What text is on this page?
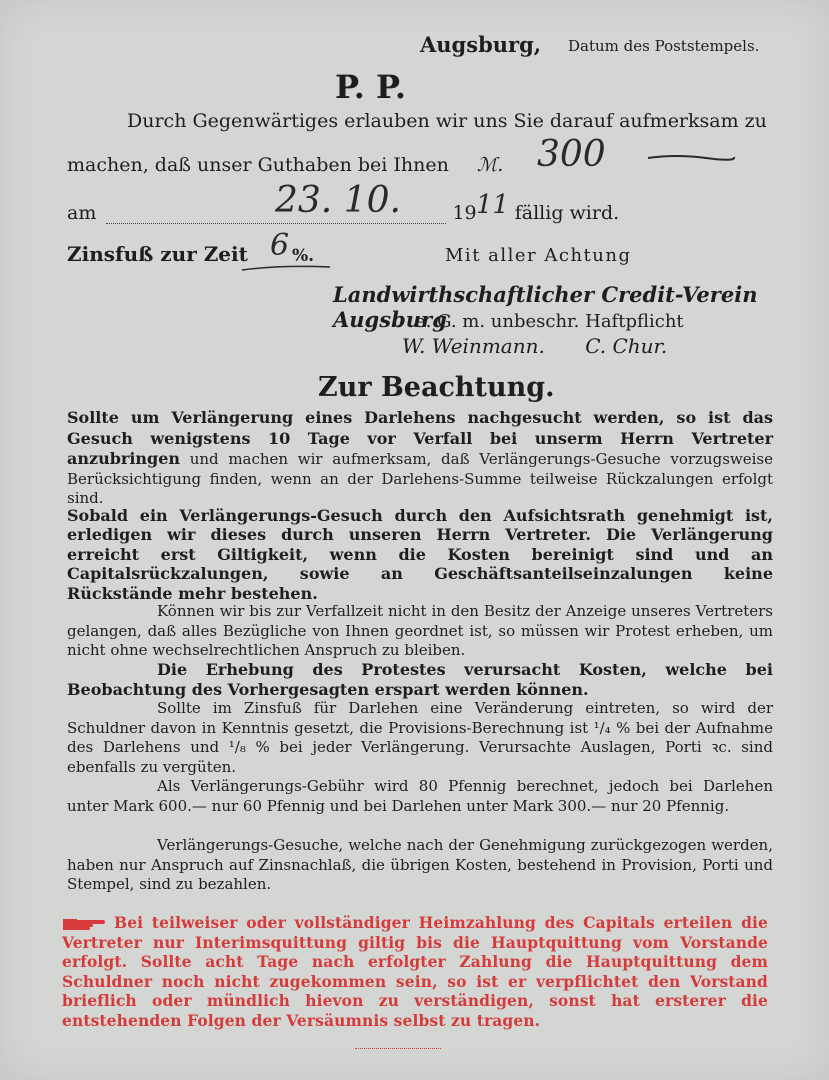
Augsburg, Datum des Poststempels.
P. P.
Durch Gegenwärtiges erlauben wir uns Sie darauf aufmerksam zu
machen, daß unser Guthaben bei Ihnen ℳ. 300
am	19 fällig wird.
23. 10.	11
Zinsfuß zur Zeit 6 %.	Mit aller Achtung
Landwirthschaftlicher Credit-Verein Augsburg
e. G. m. unbeschr. Haftpflicht
W. Weinmann. C. Chur.
Zur Beachtung.
Sollte um Verlängerung eines Darlehens nachgesucht werden, so ist das Gesuch wenigstens 10 Tage vor Verfall bei unserm Herrn Vertreter anzubringen und machen wir aufmerksam, daß Verlängerungs-Gesuche vorzugsweise Berücksichtigung finden, wenn an der Darlehens-Summe teilweise Rückzalungen erfolgt sind.
Sobald ein Verlängerungs-Gesuch durch den Aufsichtsrath genehmigt ist, erledigen wir dieses durch unseren Herrn Vertreter. Die Verlängerung erreicht erst Giltigkeit, wenn die Kosten bereinigt sind und an Capitalsrückzalungen, sowie an Geschäftsanteilseinzalungen keine Rückstände mehr bestehen.
Können wir bis zur Verfallzeit nicht in den Besitz der Anzeige unseres Vertreters gelangen, daß alles Bezügliche von Ihnen geordnet ist, so müssen wir Protest erheben, um nicht ohne wechselrechtlichen Anspruch zu bleiben.
Die Erhebung des Protestes verursacht Kosten, welche bei Beobachtung des Vorhergesagten erspart werden können.
Sollte im Zinsfuß für Darlehen eine Veränderung eintreten, so wird der Schuldner davon in Kenntnis gesetzt, die Provisions-Berechnung ist ¹/₄ % bei der Aufnahme des Darlehens und ¹/₈ % bei jeder Verlängerung. Verursachte Auslagen, Porti ꝛc. sind ebenfalls zu vergüten.
Als Verlängerungs-Gebühr wird 80 Pfennig berechnet, jedoch bei Darlehen unter Mark 600.— nur 60 Pfennig und bei Darlehen unter Mark 300.— nur 20 Pfennig.
Verlängerungs-Gesuche, welche nach der Genehmigung zurückgezogen werden, haben nur Anspruch auf Zinsnachlaß, die übrigen Kosten, bestehend in Provision, Porti und Stempel, sind zu bezahlen.
Bei teilweiser oder vollständiger Heimzahlung des Capitals erteilen die Vertreter nur Interimsquittung giltig bis die Hauptquittung vom Vorstande erfolgt. Sollte acht Tage nach erfolgter Zahlung die Hauptquittung dem Schuldner noch nicht zugekommen sein, so ist er verpflichtet den Vorstand brieflich oder mündlich hievon zu verständigen, sonst hat ersterer die entstehenden Folgen der Versäumnis selbst zu tragen.
